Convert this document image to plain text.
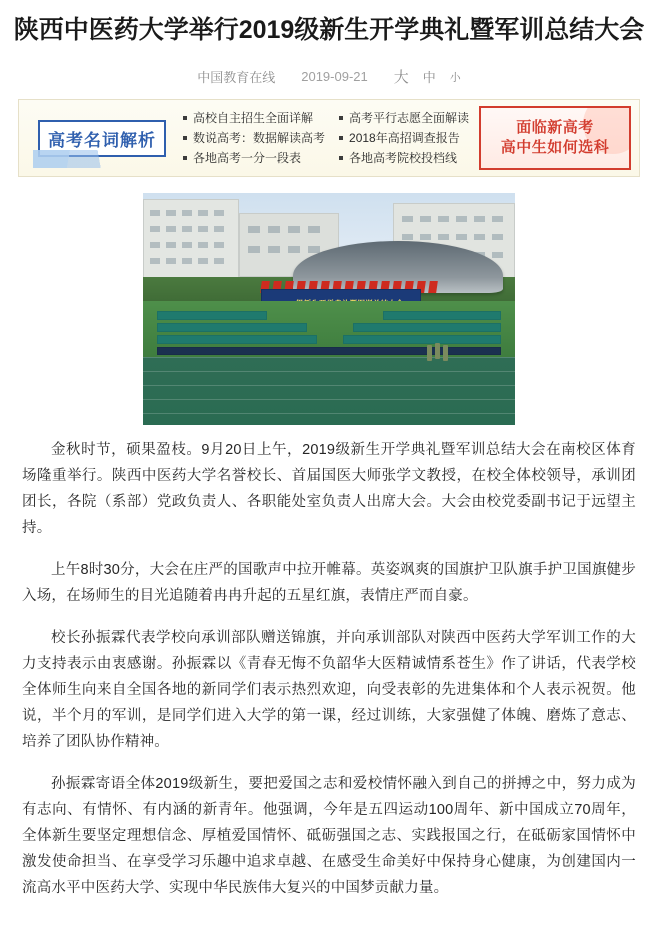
陕西中医药大学举行2019级新生开学典礼暨军训总结大会
中国教育在线 2019-09-21 大 中 小
高考名词解析
高校自主招生全面详解
数说高考：数据解读高考
各地高考一分一段表
高考平行志愿全面解读
2018年高招调查报告
各地高考院校投档线
面临新高考
高中生如何选科

金秋时节，硕果盈枝。9月20日上午，2019级新生开学典礼暨军训总结大会在南校区体育场隆重举行。陕西中医药大学名誉校长、首届国医大师张学文教授，在校全体校领导，承训团团长，各院（系部）党政负责人、各职能处室负责人出席大会。大会由校党委副书记于远望主持。

上午8时30分，大会在庄严的国歌声中拉开帷幕。英姿飒爽的国旗护卫队旗手护卫国旗健步入场，在场师生的目光追随着冉冉升起的五星红旗，表情庄严而自豪。

校长孙振霖代表学校向承训部队赠送锦旗，并向承训部队对陕西中医药大学军训工作的大力支持表示由衷感谢。孙振霖以《青春无悔不负韶华大医精诚情系苍生》作了讲话，代表学校全体师生向来自全国各地的新同学们表示热烈欢迎，向受表彰的先进集体和个人表示祝贺。他说，半个月的军训，是同学们进入大学的第一课，经过训练，大家强健了体魄、磨炼了意志、培养了团队协作精神。

孙振霖寄语全体2019级新生，要把爱国之志和爱校情怀融入到自己的拼搏之中，努力成为有志向、有情怀、有内涵的新青年。他强调，今年是五四运动100周年、新中国成立70周年，全体新生要坚定理想信念、厚植爱国情怀、砥砺强国之志、实践报国之行，在砥砺家国情怀中激发使命担当、在享受学习乐趣中追求卓越、在感受生命美好中保持身心健康，为创建国内一流高水平中医药大学、实现中华民族伟大复兴的中国梦贡献力量。
